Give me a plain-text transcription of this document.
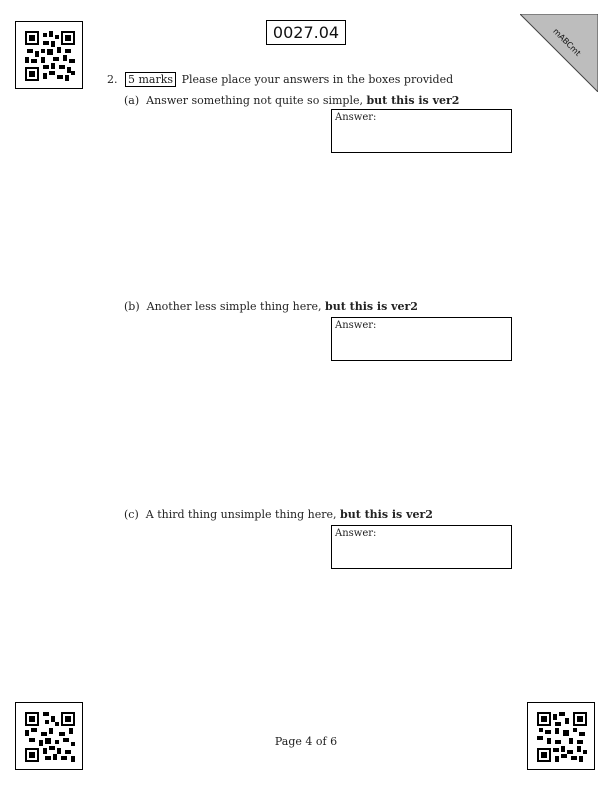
mABCmt
0027.04
2. 5 marks Please place your answers in the boxes provided
(a) Answer something not quite so simple, but this is ver2
Answer:
(b) Another less simple thing here, but this is ver2
Answer:
(c) A third thing unsimple thing here, but this is ver2
Answer:
Page 4 of 6
